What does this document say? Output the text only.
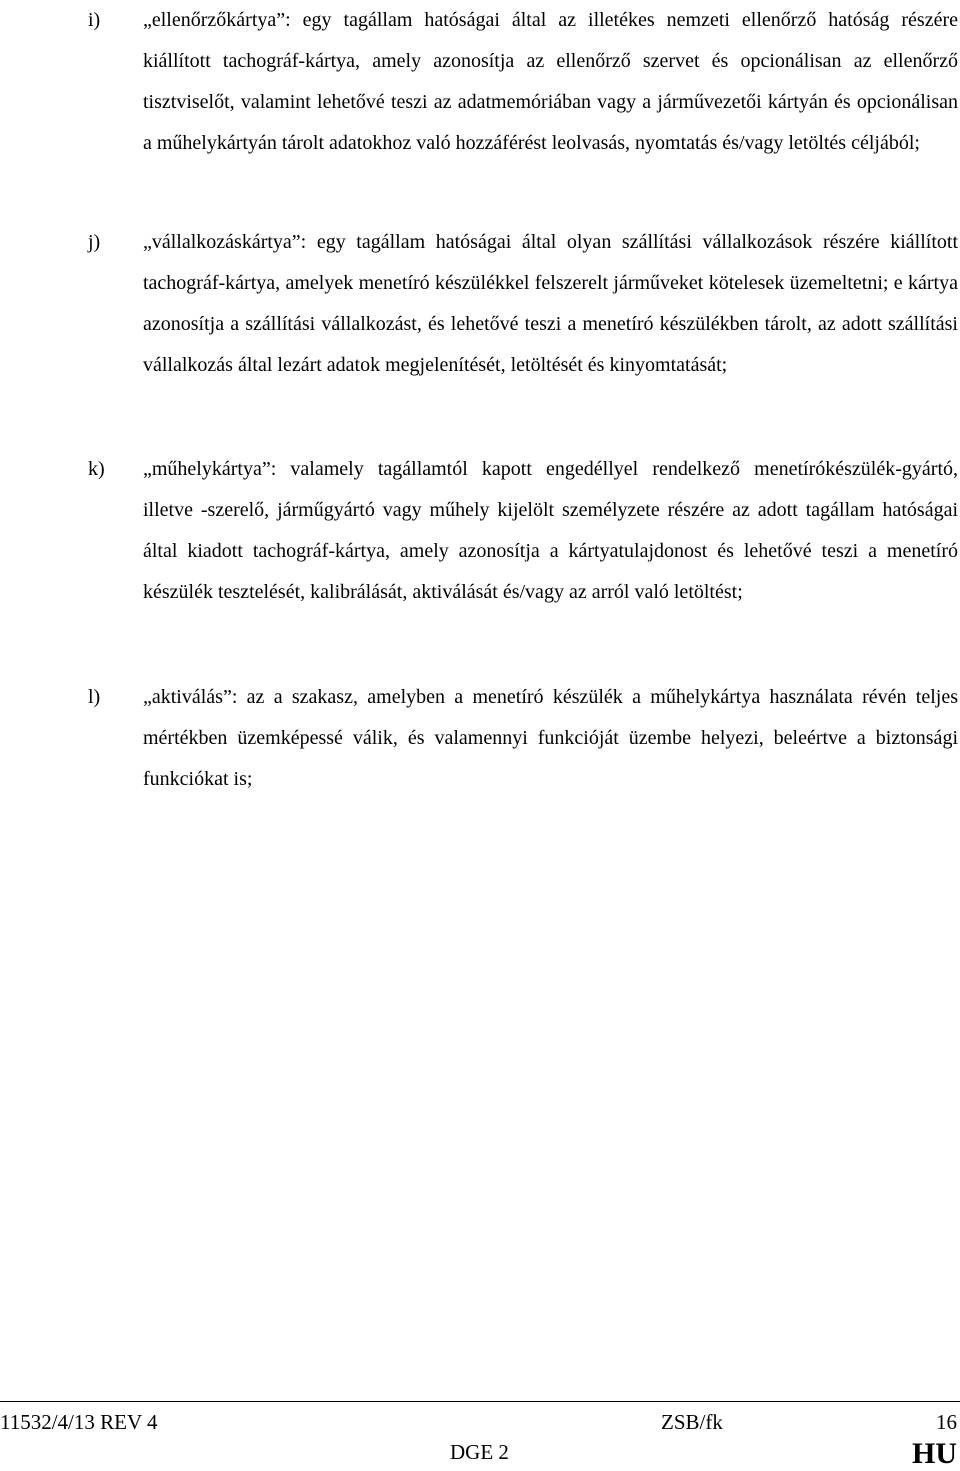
i) „ellenőrzőkártya”: egy tagállam hatóságai által az illetékes nemzeti ellenőrző hatóság részére kiállított tachográf-kártya, amely azonosítja az ellenőrző szervet és opcionálisan az ellenőrző tisztviselőt, valamint lehetővé teszi az adatmemóriában vagy a járművezetői kártyán és opcionálisan a műhelykártyán tárolt adatokhoz való hozzáférést leolvasás, nyomtatás és/vagy letöltés céljából;

j) „vállalkozáskártya”: egy tagállam hatóságai által olyan szállítási vállalkozások részére kiállított tachográf-kártya, amelyek menetíró készülékkel felszerelt járműveket kötelesek üzemeltetni; e kártya azonosítja a szállítási vállalkozást, és lehetővé teszi a menetíró készülékben tárolt, az adott szállítási vállalkozás által lezárt adatok megjelenítését, letöltését és kinyomtatását;

k) „műhelykártya”: valamely tagállamtól kapott engedéllyel rendelkező menetírókészülék-gyártó, illetve -szerelő, járműgyártó vagy műhely kijelölt személyzete részére az adott tagállam hatóságai által kiadott tachográf-kártya, amely azonosítja a kártyatulajdonost és lehetővé teszi a menetíró készülék tesztelését, kalibrálását, aktiválását és/vagy az arról való letöltést;

l) „aktiválás”: az a szakasz, amelyben a menetíró készülék a műhelykártya használata révén teljes mértékben üzemképessé válik, és valamennyi funkcióját üzembe helyezi, beleértve a biztonsági funkciókat is;

11532/4/13 REV 4	ZSB/fk	16
DGE 2	HU
